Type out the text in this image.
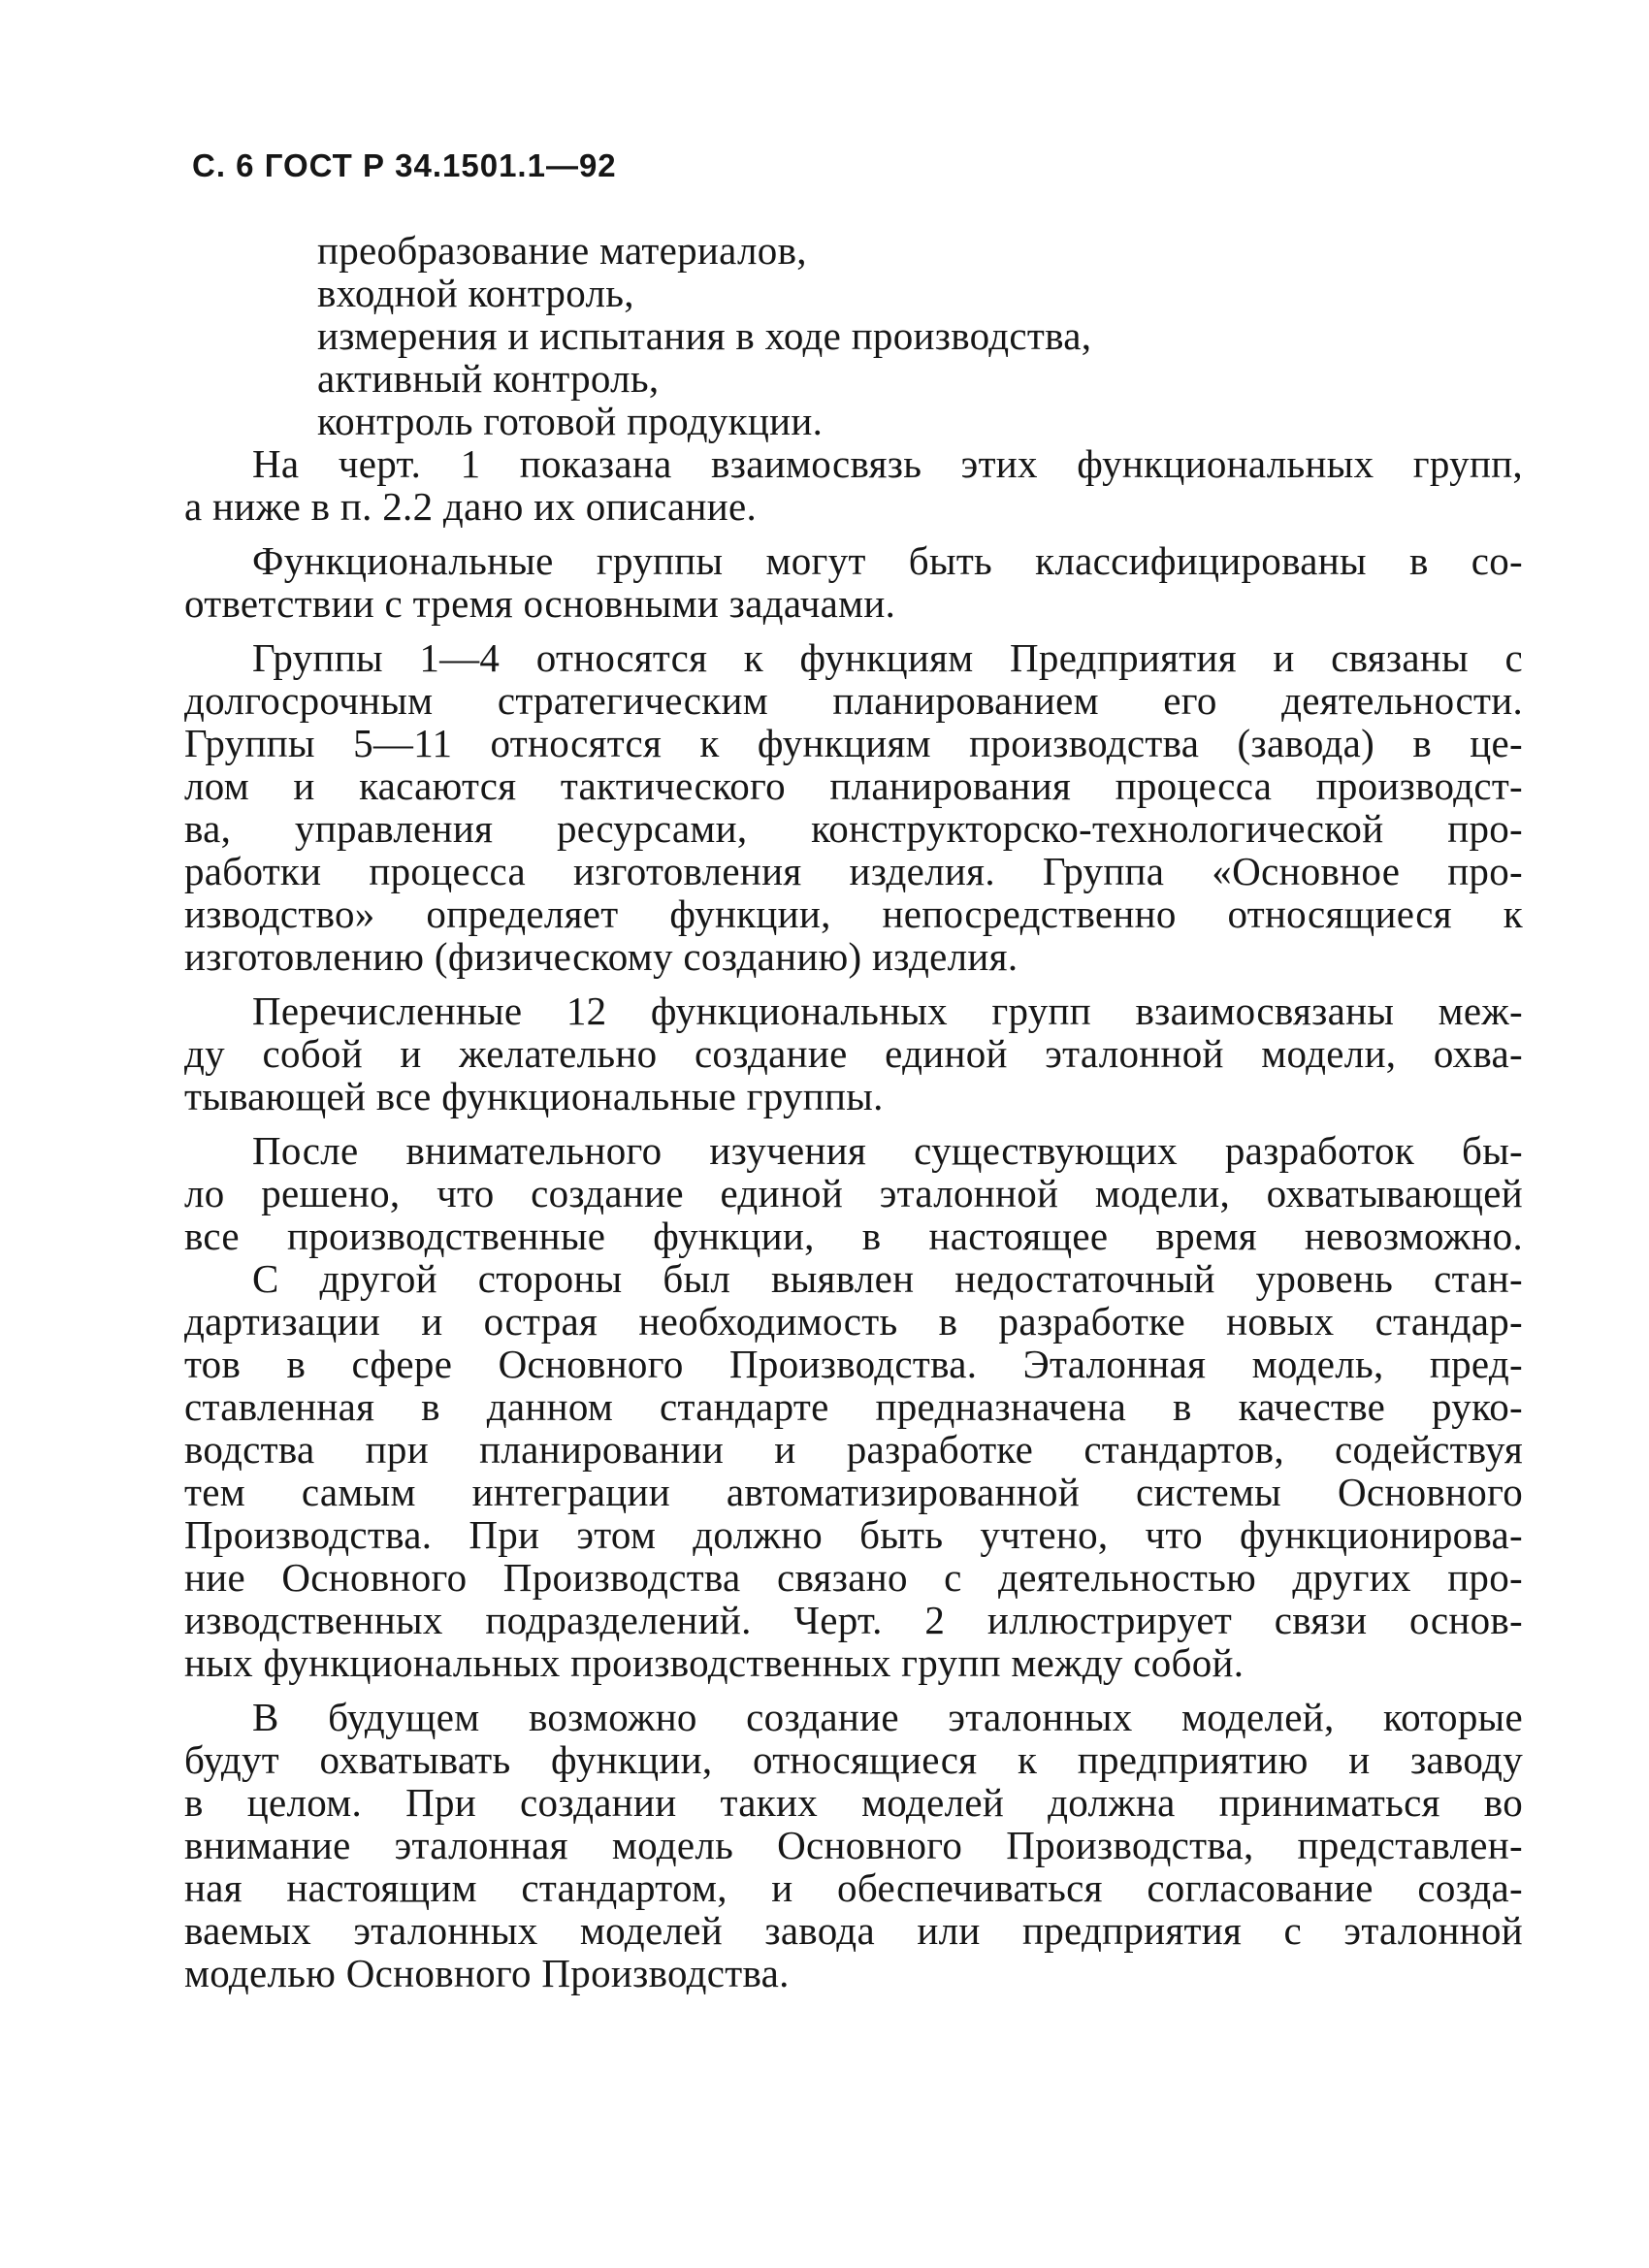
С. 6 ГОСТ Р 34.1501.1—92
преобразование материалов,
входной контроль,
измерения и испытания в ходе производства,
активный контроль,
контроль готовой продукции.
На черт. 1 показана взаимосвязь этих функциональных групп,
а ниже в п. 2.2 дано их описание.
Функциональные группы могут быть классифицированы в со-
ответствии с тремя основными задачами.
Группы 1—4 относятся к функциям Предприятия и связаны с
долгосрочным стратегическим планированием его деятельности.
Группы 5—11 относятся к функциям производства (завода) в це-
лом и касаются тактического планирования процесса производст-
ва, управления ресурсами, конструкторско-технологической про-
работки процесса изготовления изделия. Группа «Основное про-
изводство» определяет функции, непосредственно относящиеся к
изготовлению (физическому созданию) изделия.
Перечисленные 12 функциональных групп взаимосвязаны меж-
ду собой и желательно создание единой эталонной модели, охва-
тывающей все функциональные группы.
После внимательного изучения существующих разработок бы-
ло решено, что создание единой эталонной модели, охватывающей
все производственные функции, в настоящее время невозможно.
С другой стороны был выявлен недостаточный уровень стан-
дартизации и острая необходимость в разработке новых стандар-
тов в сфере Основного Производства. Эталонная модель, пред-
ставленная в данном стандарте предназначена в качестве руко-
водства при планировании и разработке стандартов, содействуя
тем самым интеграции автоматизированной системы Основного
Производства. При этом должно быть учтено, что функционирова-
ние Основного Производства связано с деятельностью других про-
изводственных подразделений. Черт. 2 иллюстрирует связи основ-
ных функциональных производственных групп между собой.
В будущем возможно создание эталонных моделей, которые
будут охватывать функции, относящиеся к предприятию и заводу
в целом. При создании таких моделей должна приниматься во
внимание эталонная модель Основного Производства, представлен-
ная настоящим стандартом, и обеспечиваться согласование созда-
ваемых эталонных моделей завода или предприятия с эталонной
моделью Основного Производства.
